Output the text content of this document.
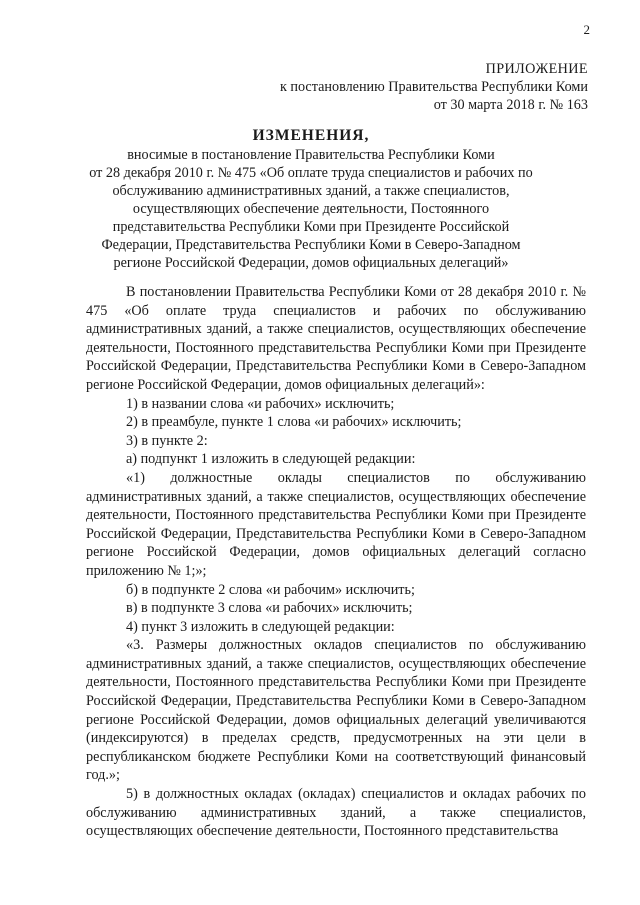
2
ПРИЛОЖЕНИЕ
к постановлению Правительства Республики Коми
от 30 марта 2018 г. № 163
ИЗМЕНЕНИЯ,
вносимые в постановление Правительства Республики Коми
от 28 декабря 2010 г. № 475 «Об оплате труда специалистов и рабочих по
обслуживанию административных зданий, а также специалистов,
осуществляющих обеспечение деятельности, Постоянного
представительства Республики Коми при Президенте Российской
Федерации, Представительства Республики Коми в Северо-Западном
регионе Российской Федерации, домов официальных делегаций»

В постановлении Правительства Республики Коми от 28 декабря 2010 г. № 475 «Об оплате труда специалистов и рабочих по обслуживанию административных зданий, а также специалистов, осуществляющих обеспечение деятельности, Постоянного представительства Республики Коми при Президенте Российской Федерации, Представительства Республики Коми в Северо-Западном регионе Российской Федерации, домов официальных делегаций»:

1) в названии слова «и рабочих» исключить;

2) в преамбуле, пункте 1 слова «и рабочих» исключить;

3) в пункте 2:

а) подпункт 1 изложить в следующей редакции:

«1) должностные оклады специалистов по обслуживанию административных зданий, а также специалистов, осуществляющих обеспечение деятельности, Постоянного представительства Республики Коми при Президенте Российской Федерации, Представительства Республики Коми в Северо-Западном регионе Российской Федерации, домов официальных делегаций согласно приложению № 1;»;

б) в подпункте 2 слова «и рабочим» исключить;

в) в подпункте 3 слова «и рабочих» исключить;

4) пункт 3 изложить в следующей редакции:

«3. Размеры должностных окладов специалистов по обслуживанию административных зданий, а также специалистов, осуществляющих обеспечение деятельности, Постоянного представительства Республики Коми при Президенте Российской Федерации, Представительства Республики Коми в Северо-Западном регионе Российской Федерации, домов официальных делегаций увеличиваются (индексируются) в пределах средств, предусмотренных на эти цели в республиканском бюджете Республики Коми на соответствующий финансовый год.»;

5) в должностных окладах (окладах) специалистов и окладах рабочих по обслуживанию административных зданий, а также специалистов, осуществляющих обеспечение деятельности, Постоянного представительства
